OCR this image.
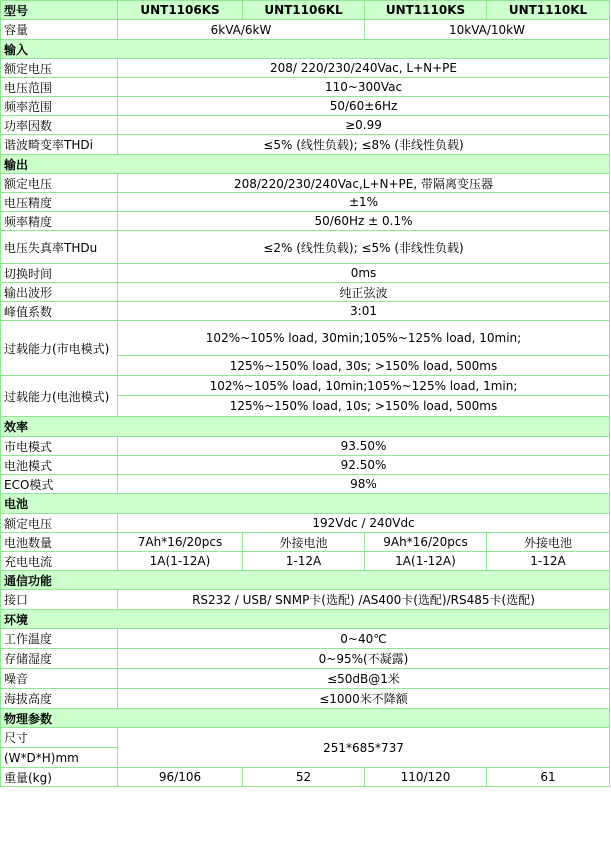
型号	UNT1106KS	UNT1106KL	UNT1110KS	UNT1110KL
容量	6kVA/6kW		10kVA/10kW	
输入				
额定电压	208/ 220/230/240Vac, L+N+PE			
电压范围	110~300Vac			
频率范围	50/60±6Hz			
功率因数	≥0.99			
谐波畸变率THDi	≤5% (线性负载); ≤8% (非线性负载)			
输出				
额定电压	208/220/230/240Vac,L+N+PE, 带隔离变压器			
电压精度	±1%			
频率精度	50/60Hz ± 0.1%			
电压失真率THDu	≤2% (线性负载); ≤5% (非线性负载)			
切换时间	0ms			
输出波形	纯正弦波			
峰值系数	3:01			
过载能力(市电模式)	102%~105% load, 30min;105%~125% load, 10min;			
	125%~150% load, 30s; >150% load, 500ms			
过载能力(电池模式)	102%~105% load, 10min;105%~125% load, 1min;			
	125%~150% load, 10s; >150% load, 500ms			
效率				
市电模式	93.50%			
电池模式	92.50%			
ECO模式	98%			
电池				
额定电压	192Vdc / 240Vdc			
电池数量	7Ah*16/20pcs	外接电池	9Ah*16/20pcs	外接电池
充电电流	1A(1-12A)	1-12A	1A(1-12A)	1-12A
通信功能				
接口	RS232 / USB/ SNMP卡(选配) /AS400卡(选配)/RS485卡(选配)			
环境				
工作温度	0~40℃			
存储湿度	0~95%(不凝露)			
噪音	≤50dB@1米			
海拔高度	≤1000米不降额			
物理参数				
尺寸	251*685*737			
(W*D*H)mm				
重量(kg)	96/106	52	110/120	61
